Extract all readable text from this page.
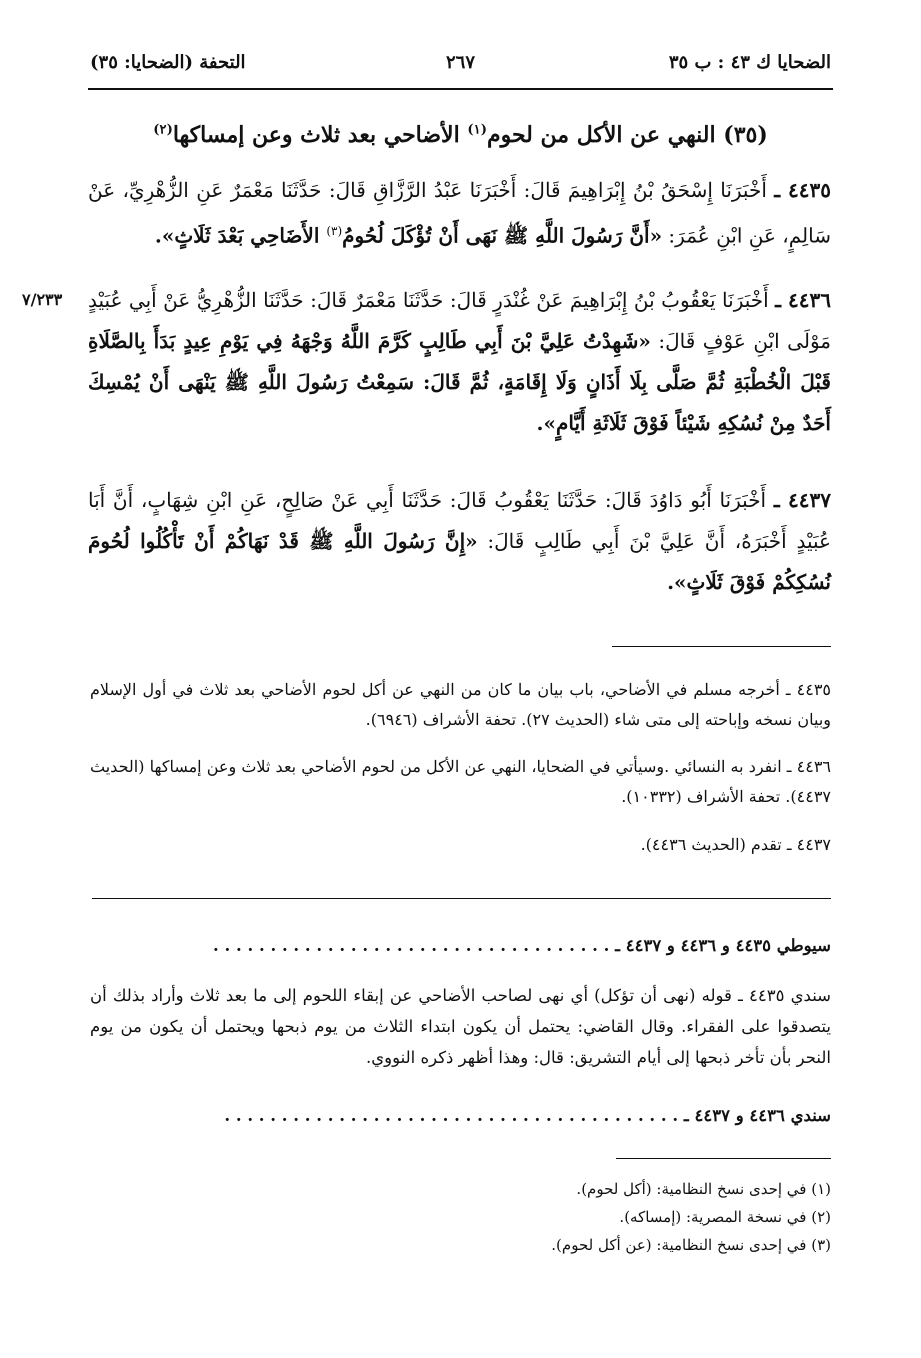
الضحايا ك ٤٣ : ب ٣٥
٢٦٧
التحفة (الضحايا: ٣٥)
(٣٥) النهي عن الأكل من لحوم$^{(١)}$ الأضاحي بعد ثلاث وعن إمساكها$^{(٢)}$
٤٤٣٥ ـ أَخْبَرَنَا إِسْحَقُ بْنُ إِبْرَاهِيمَ قَالَ: أَخْبَرَنَا عَبْدُ الرَّزَّاقِ قَالَ: حَدَّثَنَا مَعْمَرٌ عَنِ الزُّهْرِيِّ، عَنْ سَالِمٍ، عَنِ ابْنِ عُمَرَ: «أَنَّ رَسُولَ اللَّهِ ﷺ نَهَى أَنْ تُؤْكَلَ لُحُومُ$^{(٣)}$ الأَضَاحِي بَعْدَ ثَلَاثٍ».
٧/٢٣٣	٤٤٣٦ ـ أَخْبَرَنَا يَعْقُوبُ بْنُ إِبْرَاهِيمَ عَنْ غُنْدَرٍ قَالَ: حَدَّثَنَا مَعْمَرٌ قَالَ: حَدَّثَنَا الزُّهْرِيُّ عَنْ أَبِي عُبَيْدٍ مَوْلَى ابْنِ عَوْفٍ قَالَ: «شَهِدْتُ عَلِيَّ بْنَ أَبِي طَالِبٍ كَرَّمَ اللَّهُ وَجْهَهُ فِي يَوْمِ عِيدٍ بَدَأَ بِالصَّلَاةِ قَبْلَ الْخُطْبَةِ ثُمَّ صَلَّى بِلَا أَذَانٍ وَلَا إِقَامَةٍ، ثُمَّ قَالَ: سَمِعْتُ رَسُولَ اللَّهِ ﷺ يَنْهَى أَنْ يُمْسِكَ أَحَدٌ مِنْ نُسُكِهِ شَيْئاً فَوْقَ ثَلَاثَةِ أَيَّامٍ».
٤٤٣٧ ـ أَخْبَرَنَا أَبُو دَاوُدَ قَالَ: حَدَّثَنَا يَعْقُوبُ قَالَ: حَدَّثَنَا أَبِي عَنْ صَالِحٍ، عَنِ ابْنِ شِهَابٍ، أَنَّ أَبَا عُبَيْدٍ أَخْبَرَهُ، أَنَّ عَلِيَّ بْنَ أَبِي طَالِبٍ قَالَ: «إِنَّ رَسُولَ اللَّهِ ﷺ قَدْ نَهَاكُمْ أَنْ تَأْكُلُوا لُحُومَ نُسُكِكُمْ فَوْقَ ثَلَاثٍ».
٤٤٣٥ ـ أخرجه مسلم في الأضاحي، باب بيان ما كان من النهي عن أكل لحوم الأضاحي بعد ثلاث في أول الإسلام وبيان نسخه وإباحته إلى متى شاء (الحديث ٢٧). تحفة الأشراف (٦٩٤٦).
٤٤٣٦ ـ انفرد به النسائي .وسيأتي في الضحايا، النهي عن الأكل من لحوم الأضاحي بعد ثلاث وعن إمساكها (الحديث ٤٤٣٧). تحفة الأشراف (١٠٣٣٢).
٤٤٣٧ ـ تقدم (الحديث ٤٤٣٦).
سيوطي ٤٤٣٥ و ٤٤٣٦ و ٤٤٣٧ ـ . . . . . . . . . . . . . . . . . . . . . . . . . . . . . . . . . . .
سندي ٤٤٣٥ ـ قوله (نهى أن تؤكل) أي نهى لصاحب الأضاحي عن إبقاء اللحوم إلى ما بعد ثلاث وأراد بذلك أن يتصدقوا على الفقراء. وقال القاضي: يحتمل أن يكون ابتداء الثلاث من يوم ذبحها ويحتمل أن يكون من يوم النحر بأن تأخر ذبحها إلى أيام التشريق: قال: وهذا أظهر ذكره النووي.
سندي ٤٤٣٦ و ٤٤٣٧ ـ . . . . . . . . . . . . . . . . . . . . . . . . . . . . . . . . . . . . . . . .
(١) في إحدى نسخ النظامية: (أكل لحوم).
(٢) في نسخة المصرية: (إمساكه).
(٣) في إحدى نسخ النظامية: (عن أكل لحوم).
